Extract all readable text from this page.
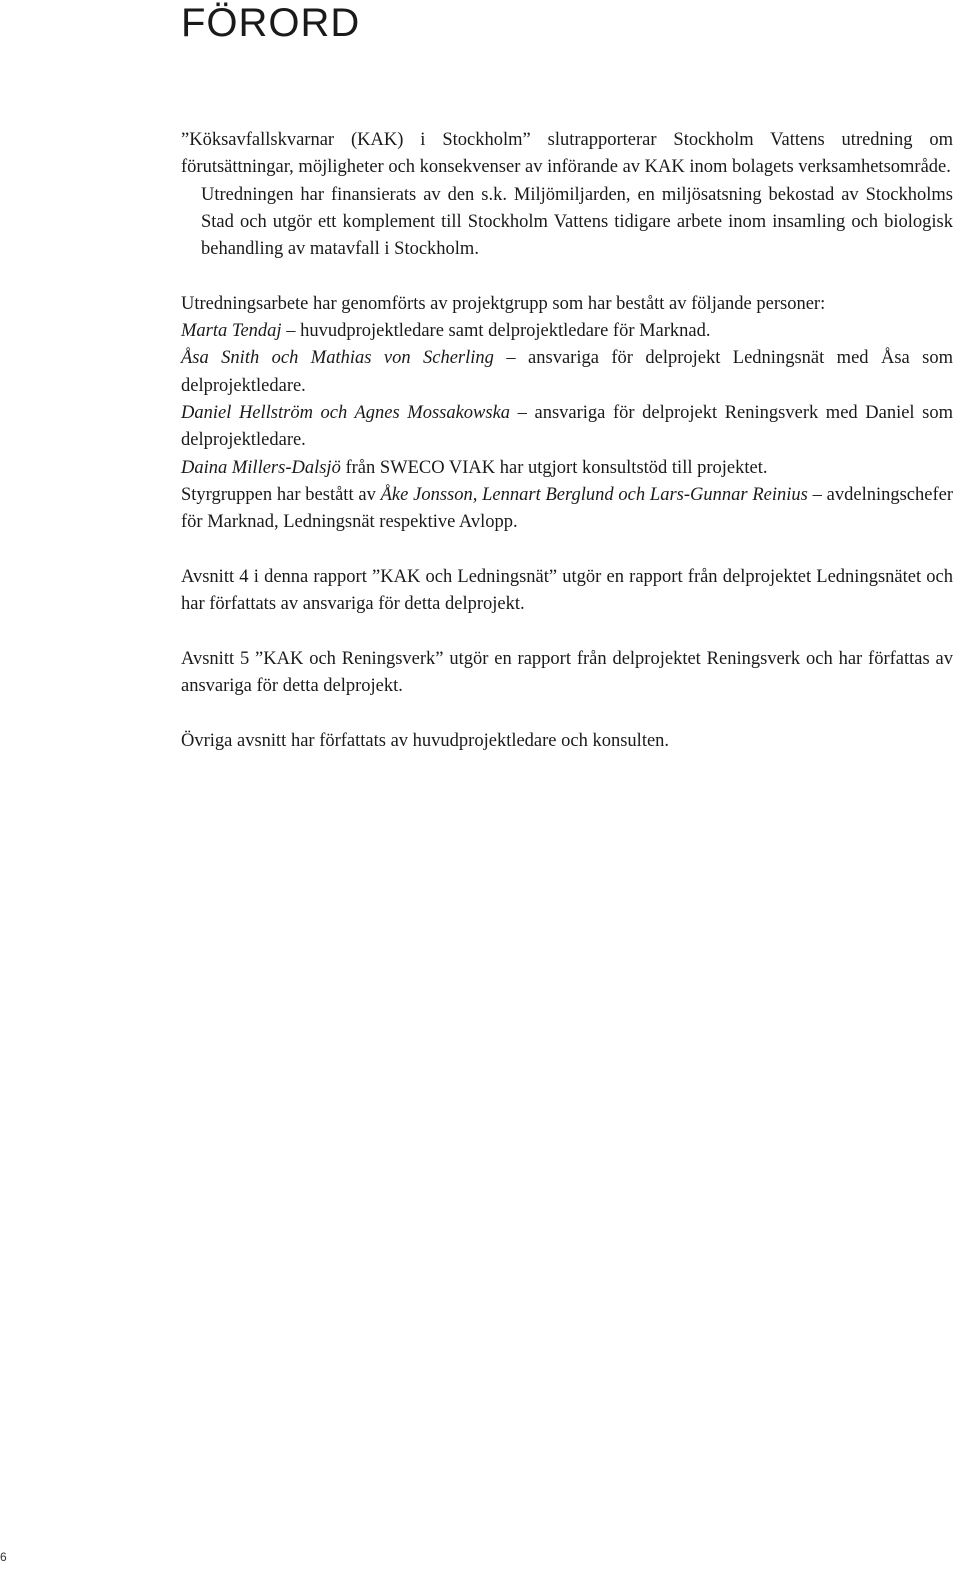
FÖRORD

”Köksavfallskvarnar (KAK) i Stockholm” slutrapporterar Stockholm Vattens utredning om förutsättningar, möjligheter och konsekvenser av införande av KAK inom bolagets verksamhetsområde.

Utredningen har finansierats av den s.k. Miljömiljarden, en miljösatsning bekostad av Stockholms Stad och utgör ett komplement till Stockholm Vattens tidigare arbete inom insamling och biologisk behandling av matavfall i Stockholm.

Utredningsarbete har genomförts av projektgrupp som har bestått av följande personer:
Marta Tendaj – huvudprojektledare samt delprojektledare för Marknad.
Åsa Snith och Mathias von Scherling – ansvariga för delprojekt Ledningsnät med Åsa som delprojektledare.
Daniel Hellström och Agnes Mossakowska – ansvariga för delprojekt Reningsverk med Daniel som delprojektledare.
Daina Millers-Dalsjö från SWECO VIAK har utgjort konsultstöd till projektet.
Styrgruppen har bestått av Åke Jonsson, Lennart Berglund och Lars-Gunnar Reinius – avdelningschefer för Marknad, Ledningsnät respektive Avlopp.

Avsnitt 4 i denna rapport ”KAK och Ledningsnät” utgör en rapport från delprojektet Ledningsnätet och har författats av ansvariga för detta delprojekt.

Avsnitt 5 ”KAK och Reningsverk” utgör en rapport från delprojektet Reningsverk och har författas av ansvariga för detta delprojekt.

Övriga avsnitt har författats av huvudprojektledare och konsulten.

6
